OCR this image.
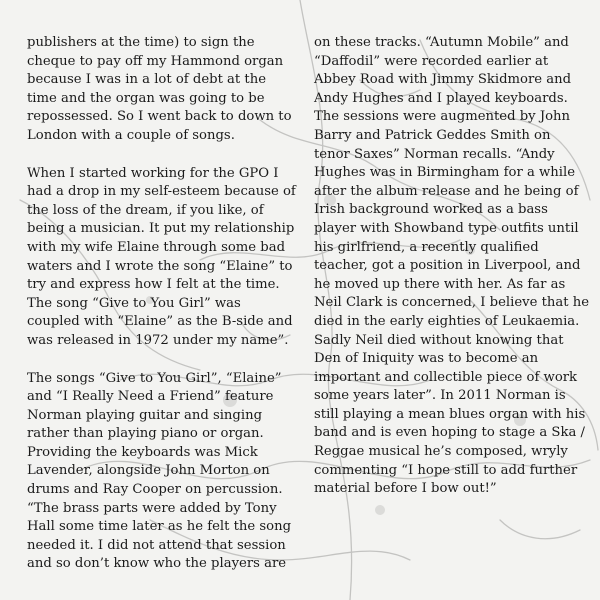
publishers at the time) to sign the cheque to pay off my Hammond organ because I was in a lot of debt at the time and the organ was going to be repossessed. So I went back to down to London with a couple of songs.

When I started working for the GPO I had a drop in my self-esteem because of the loss of the dream, if you like, of being a musician. It put my relationship with my wife Elaine through some bad waters and I wrote the song “Elaine” to try and express how I felt at the time. The song “Give to You Girl” was coupled with “Elaine” as the B-side and was released in 1972 under my name”.

The songs “Give to You Girl”, “Elaine” and “I Really Need a Friend” feature Norman playing guitar and singing rather than playing piano or organ. Providing the keyboards was Mick Lavender, alongside John Morton on drums and Ray Cooper on percussion. “The brass parts were added by Tony Hall some time later as he felt the song needed it. I did not attend that session and so don’t know who the players are

on these tracks. “Autumn Mobile” and “Daffodil” were recorded earlier at Abbey Road with Jimmy Skidmore and Andy Hughes and I played keyboards. The sessions were augmented by John Barry and Patrick Geddes Smith on tenor Saxes” Norman recalls. “Andy Hughes was in Birmingham for a while after the album release and he being of Irish background worked as a bass player with Showband type outfits until his girlfriend, a recently qualified teacher, got a position in Liverpool, and he moved up there with her. As far as Neil Clark is concerned, I believe that he died in the early eighties of Leukaemia. Sadly Neil died without knowing that Den of Iniquity was to become an important and collectible piece of work some years later”. In 2011 Norman is still playing a mean blues organ with his band and is even hoping to stage a Ska / Reggae musical he’s composed, wryly commenting “I hope still to add further material before I bow out!”
